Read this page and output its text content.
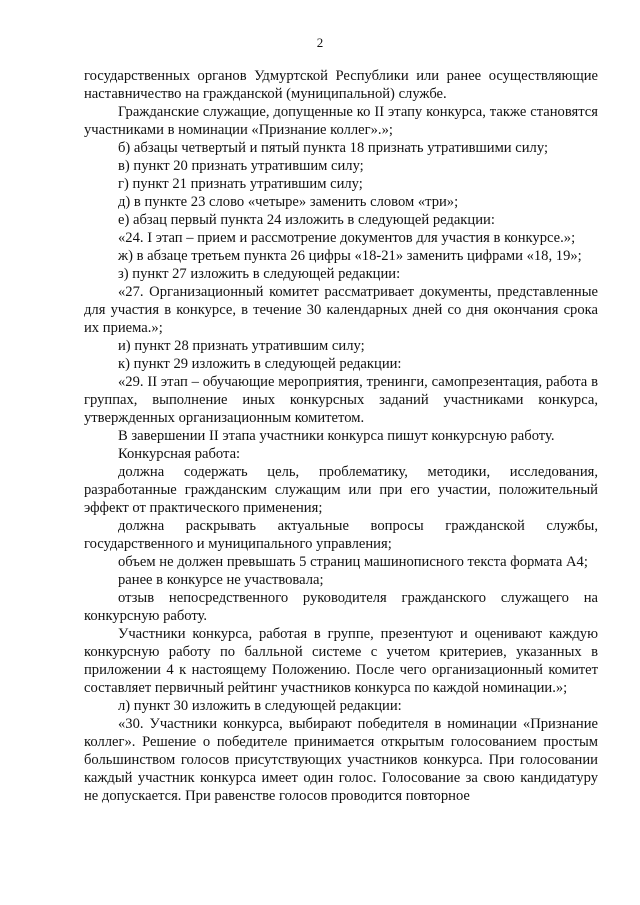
2

государственных органов Удмуртской Республики или ранее осуществляющие наставничество на гражданской (муниципальной) службе.

Гражданские служащие, допущенные ко II этапу конкурса, также становятся участниками в номинации «Признание коллег».»;

б) абзацы четвертый и пятый пункта 18 признать утратившими силу;

в) пункт 20 признать утратившим силу;

г) пункт 21 признать утратившим силу;

д) в пункте 23 слово «четыре» заменить словом «три»;

е) абзац первый пункта 24 изложить в следующей редакции:

«24. I этап – прием и рассмотрение документов для участия в конкурсе.»;

ж) в абзаце третьем пункта 26 цифры «18-21» заменить цифрами «18, 19»;

з) пункт 27 изложить в следующей редакции:

«27. Организационный комитет рассматривает документы, представленные для участия в конкурсе, в течение 30 календарных дней со дня окончания срока их приема.»;

и) пункт 28 признать утратившим силу;

к) пункт 29 изложить в следующей редакции:

«29. II этап – обучающие мероприятия, тренинги, самопрезентация, работа в группах, выполнение иных конкурсных заданий участниками конкурса, утвержденных организационным комитетом.

В завершении II этапа участники конкурса пишут конкурсную работу.

Конкурсная работа:

должна содержать цель, проблематику, методики, исследования, разработанные гражданским служащим или при его участии, положительный эффект от практического применения;

должна раскрывать актуальные вопросы гражданской службы, государственного и муниципального управления;

объем не должен превышать 5 страниц машинописного текста формата А4;

ранее в конкурсе не участвовала;

отзыв непосредственного руководителя гражданского служащего на конкурсную работу.

Участники конкурса, работая в группе, презентуют и оценивают каждую конкурсную работу по балльной системе с учетом критериев, указанных в приложении 4 к настоящему Положению. После чего организационный комитет составляет первичный рейтинг участников конкурса по каждой номинации.»;

л) пункт 30 изложить в следующей редакции:

«30. Участники конкурса, выбирают победителя в номинации «Признание коллег». Решение о победителе принимается открытым голосованием простым большинством голосов присутствующих участников конкурса. При голосовании каждый участник конкурса имеет один голос. Голосование за свою кандидатуру не допускается. При равенстве голосов проводится повторное
